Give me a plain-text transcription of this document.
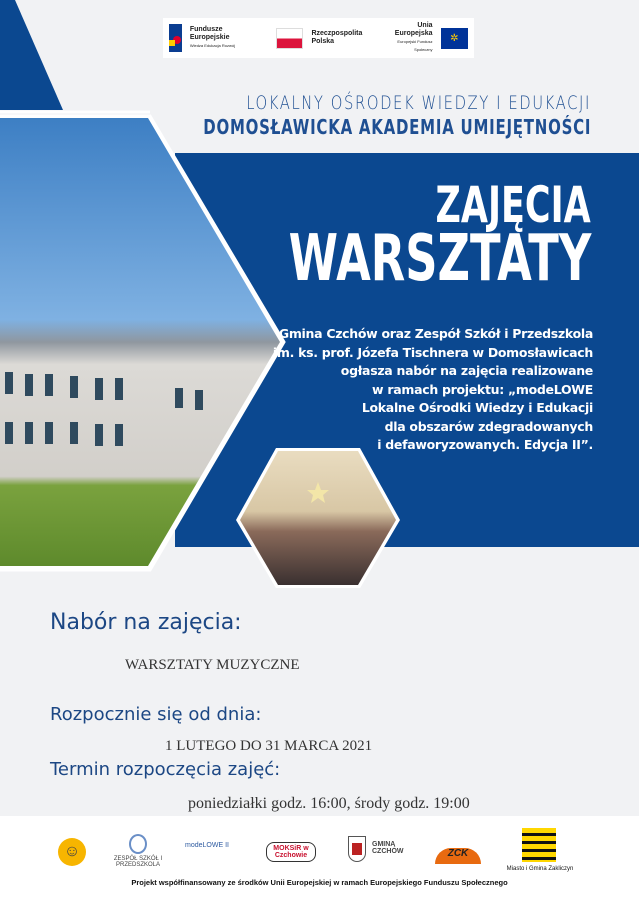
Fundusze Europejskie
Wiedza Edukacja Rozwój
Rzeczpospolita Polska
Unia Europejska
Europejski Fundusz Społeczny
✲
LOKALNY OŚRODEK WIEDZY I EDUKACJI
DOMOSŁAWICKA AKADEMIA UMIEJĘTNOŚCI
ZAJĘCIA
WARSZTATY
Gmina Czchów oraz Zespół Szkół i Przedszkola
im. ks. prof. Józefa Tischnera w Domosławicach
ogłasza nabór na zajęcia realizowane
w ramach projektu: „modeLOWE
Lokalne Ośrodki Wiedzy i Edukacji
dla obszarów zdegradowanych
i defaworyzowanych. Edycja II”.
Nabór na zajęcia:
WARSZTATY MUZYCZNE
Rozpocznie się od dnia:
1 LUTEGO DO 31 MARCA 2021
Termin rozpoczęcia zajęć:
poniedziałki godz. 16:00, środy godz. 19:00
☺	ZESPÓŁ SZKÓŁ I PRZEDSZKOLA
modeLOWE II	MOKSiR w Czchowie
GMINA CZCHÓW	ZCK
Miasto i Gmina Zakliczyn
Projekt współfinansowany ze środków Unii Europejskiej w ramach Europejskiego Funduszu Społecznego
